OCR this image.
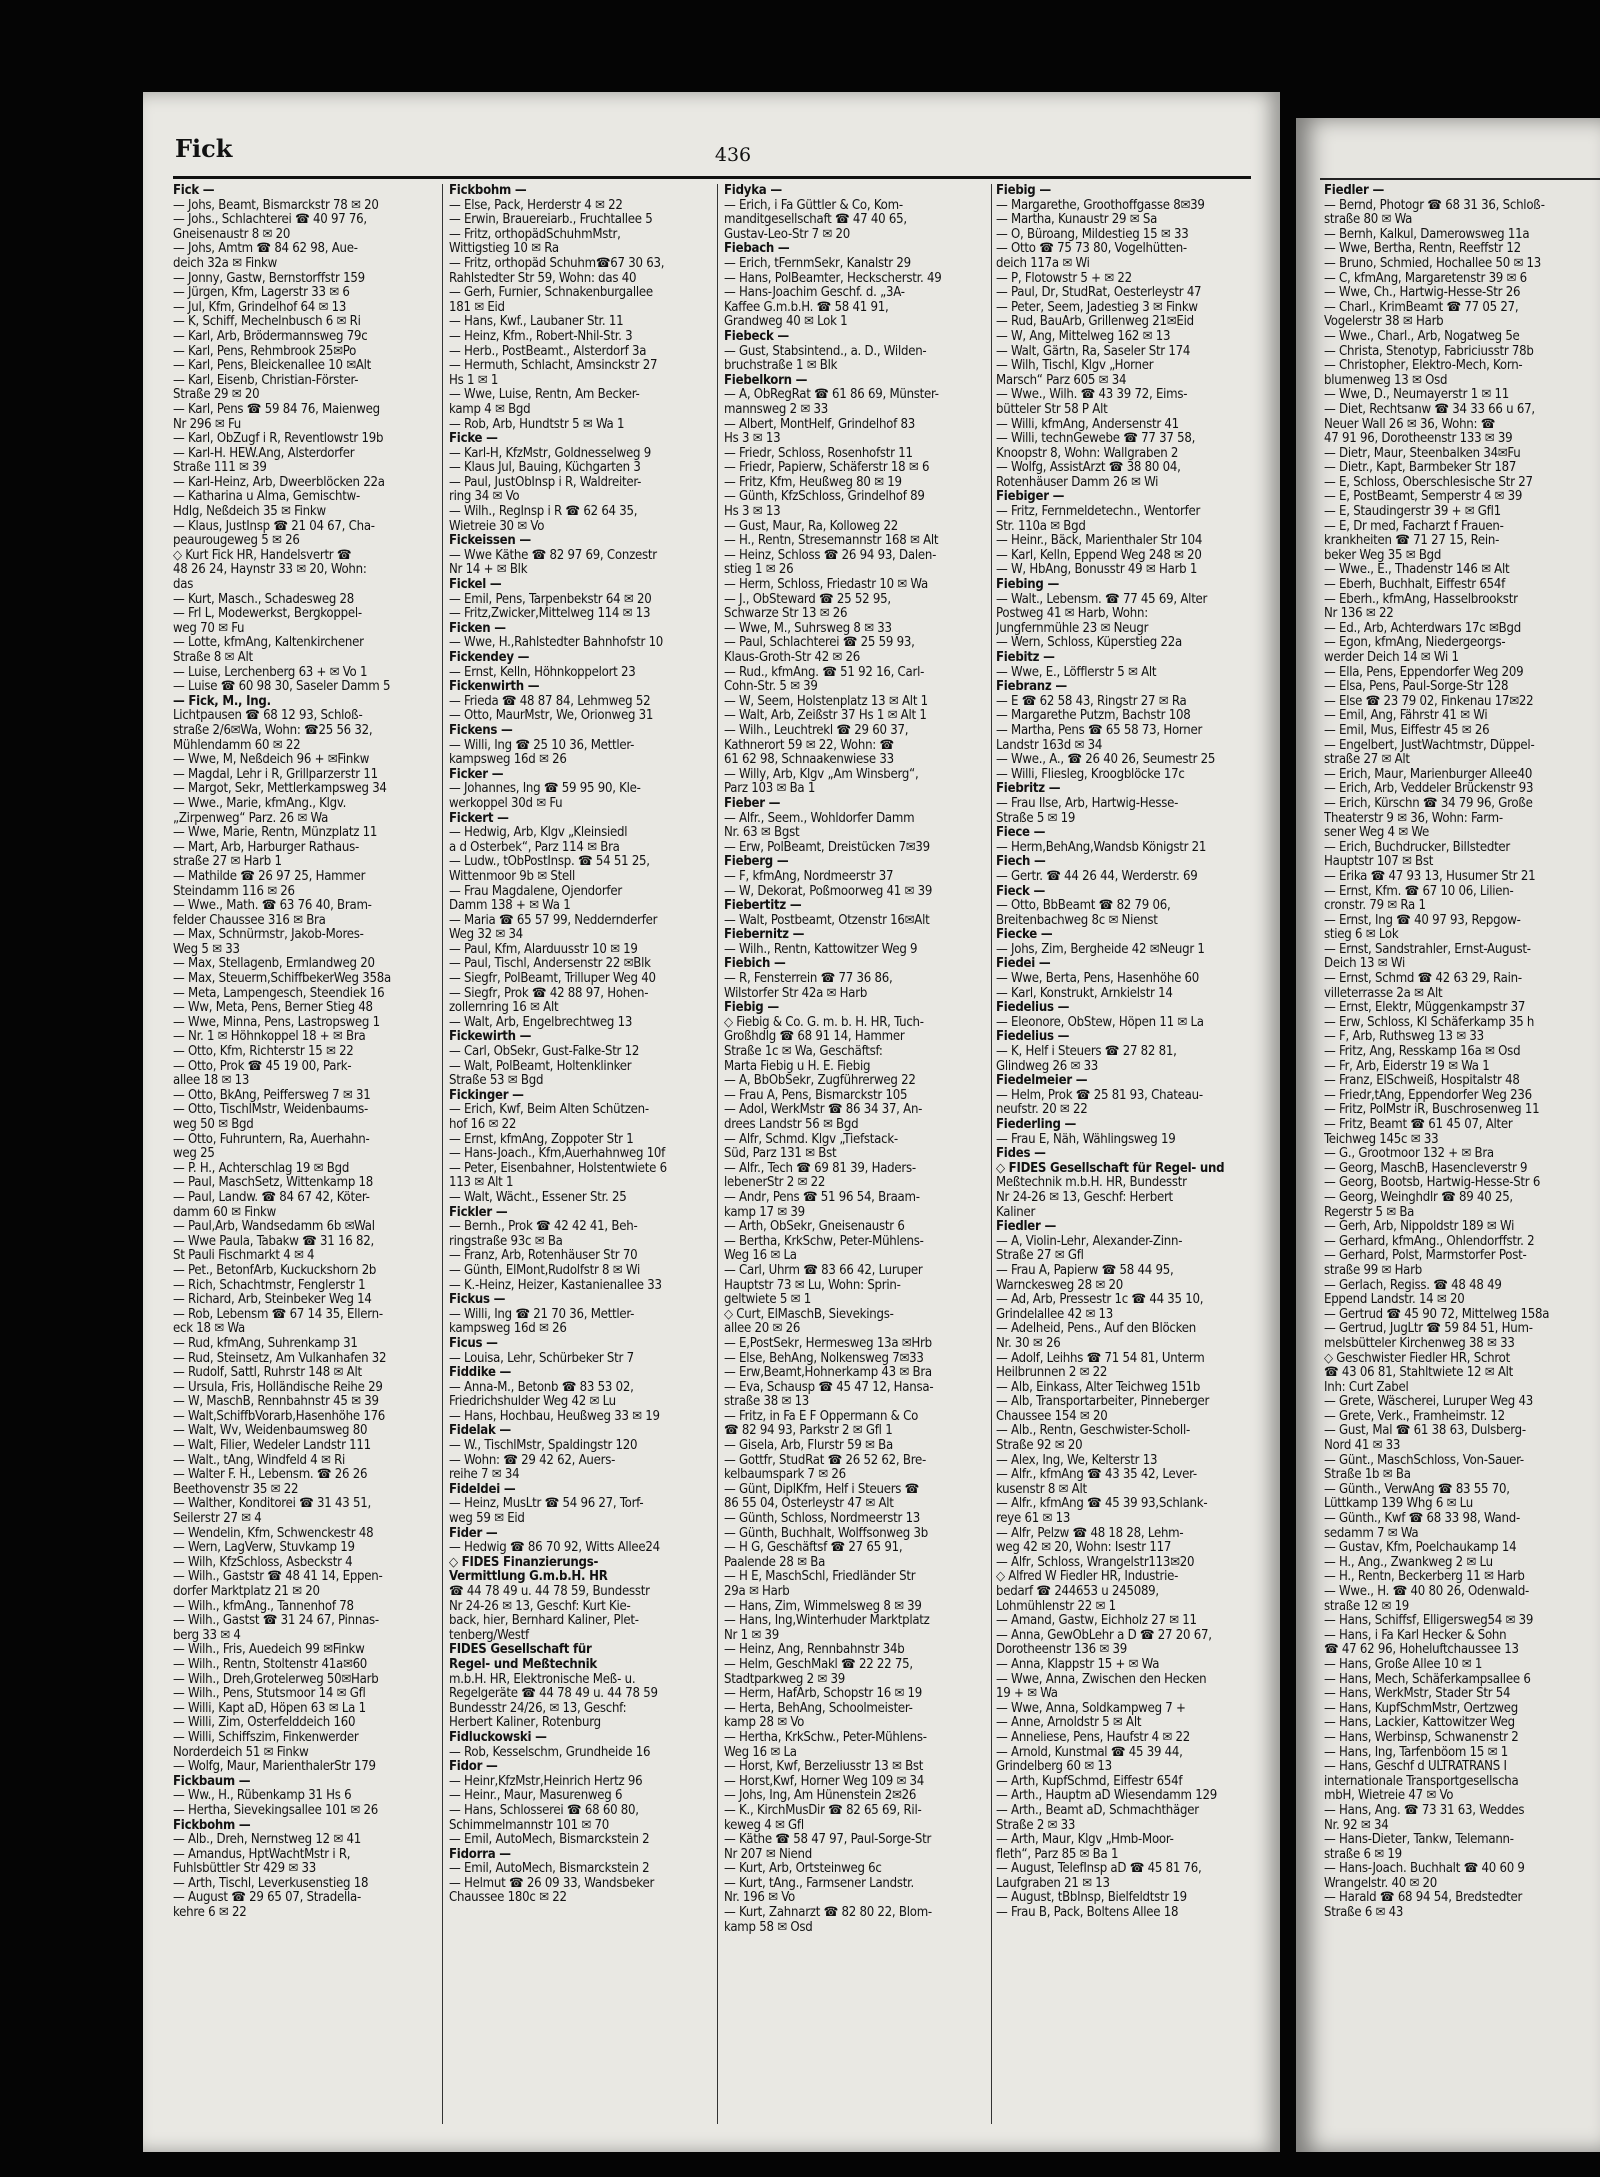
Fick	436
Fick —
— Johs, Beamt, Bismarckstr 78 ✉ 20
— Johs., Schlachterei ☎ 40 97 76,
Gneisenaustr 8 ✉ 20
— Johs, Amtm ☎ 84 62 98, Aue-
deich 32a ✉ Finkw
— Jonny, Gastw, Bernstorffstr 159
— Jürgen, Kfm, Lagerstr 33 ✉ 6
— Jul, Kfm, Grindelhof 64 ✉ 13
— K, Schiff, Mechelnbusch 6 ✉ Ri
— Karl, Arb, Brödermannsweg 79c
— Karl, Pens, Rehmbrook 25✉Po
— Karl, Pens, Bleickenallee 10 ✉Alt
— Karl, Eisenb, Christian-Förster-
Straße 29 ✉ 20
— Karl, Pens ☎ 59 84 76, Maienweg
Nr 296 ✉ Fu
— Karl, ObZugf i R, Reventlowstr 19b
— Karl-H. HEW.Ang, Alsterdorfer
Straße 111 ✉ 39
— Karl-Heinz, Arb, Dweerblöcken 22a
— Katharina u Alma, Gemischtw-
Hdlg, Neßdeich 35 ✉ Finkw
— Klaus, JustInsp ☎ 21 04 67, Cha-
peaurougeweg 5 ✉ 26
◇ Kurt Fick HR, Handelsvertr ☎
48 26 24, Haynstr 33 ✉ 20, Wohn:
das
— Kurt, Masch., Schadesweg 28
— Frl L, Modewerkst, Bergkoppel-
weg 70 ✉ Fu
— Lotte, kfmAng, Kaltenkirchener
Straße 8 ✉ Alt
— Luise, Lerchenberg 63 + ✉ Vo 1
— Luise ☎ 60 98 30, Saseler Damm 5
— Fick, M., Ing.
Lichtpausen ☎ 68 12 93, Schloß-
straße 2/6✉Wa, Wohn: ☎25 56 32,
Mühlendamm 60 ✉ 22
— Wwe, M, Neßdeich 96 + ✉Finkw
— Magdal, Lehr i R, Grillparzerstr 11
— Margot, Sekr, Mettlerkampsweg 34
— Wwe., Marie, kfmAng., Klgv.
„Zirpenweg“ Parz. 26 ✉ Wa
— Wwe, Marie, Rentn, Münzplatz 11
— Mart, Arb, Harburger Rathaus-
straße 27 ✉ Harb 1
— Mathilde ☎ 26 97 25, Hammer
Steindamm 116 ✉ 26
— Wwe., Math. ☎ 63 76 40, Bram-
felder Chaussee 316 ✉ Bra
— Max, Schnürmstr, Jakob-Mores-
Weg 5 ✉ 33
— Max, Stellagenb, Ermlandweg 20
— Max, Steuerm,SchiffbekerWeg 358a
— Meta, Lampengesch, Steendiek 16
— Ww, Meta, Pens, Berner Stieg 48
— Wwe, Minna, Pens, Lastropsweg 1
— Nr. 1 ✉ Höhnkoppel 18 + ✉ Bra
— Otto, Kfm, Richterstr 15 ✉ 22
— Otto, Prok ☎ 45 19 00, Park-
allee 18 ✉ 13
— Otto, BkAng, Peiffersweg 7 ✉ 31
— Otto, TischlMstr, Weidenbaums-
weg 50 ✉ Bgd
— Otto, Fuhruntern, Ra, Auerhahn-
weg 25
— P. H., Achterschlag 19 ✉ Bgd
— Paul, MaschSetz, Wittenkamp 18
— Paul, Landw. ☎ 84 67 42, Köter-
damm 60 ✉ Finkw
— Paul,Arb, Wandsedamm 6b ✉Wal
— Wwe Paula, Tabakw ☎ 31 16 82,
St Pauli Fischmarkt 4 ✉ 4
— Pet., BetonfArb, Kuckuckshorn 2b
— Rich, Schachtmstr, Fenglerstr 1
— Richard, Arb, Steinbeker Weg 14
— Rob, Lebensm ☎ 67 14 35, Ellern-
eck 18 ✉ Wa
— Rud, kfmAng, Suhrenkamp 31
— Rud, Steinsetz, Am Vulkanhafen 32
— Rudolf, Sattl, Ruhrstr 148 ✉ Alt
— Ursula, Fris, Holländische Reihe 29
— W, MaschB, Rennbahnstr 45 ✉ 39
— Walt,SchiffbVorarb,Hasenhöhe 176
— Walt, Wv, Weidenbaumsweg 80
— Walt, Filier, Wedeler Landstr 111
— Walt., tAng, Windfeld 4 ✉ Ri
— Walter F. H., Lebensm. ☎ 26 26
Beethovenstr 35 ✉ 22
— Walther, Konditorei ☎ 31 43 51,
Seilerstr 27 ✉ 4
— Wendelin, Kfm, Schwenckestr 48
— Wern, LagVerw, Stuvkamp 19
— Wilh, KfzSchloss, Asbeckstr 4
— Wilh., Gaststr ☎ 48 41 14, Eppen-
dorfer Marktplatz 21 ✉ 20
— Wilh., kfmAng., Tannenhof 78
— Wilh., Gastst ☎ 31 24 67, Pinnas-
berg 33 ✉ 4
— Wilh., Fris, Auedeich 99 ✉Finkw
— Wilh., Rentn, Stoltenstr 41a✉60
— Wilh., Dreh,Grotelerweg 50✉Harb
— Wilh., Pens, Stutsmoor 14 ✉ Gfl
— Willi, Kapt aD, Höpen 63 ✉ La 1
— Willi, Zim, Osterfelddeich 160
— Willi, Schiffszim, Finkenwerder
Norderdeich 51 ✉ Finkw
— Wolfg, Maur, MarienthalerStr 179
Fickbaum —
— Ww., H., Rübenkamp 31 Hs 6
— Hertha, Sievekingsallee 101 ✉ 26
Fickbohm —
— Alb., Dreh, Nernstweg 12 ✉ 41
— Amandus, HptWachtMstr i R,
Fuhlsbüttler Str 429 ✉ 33
— Arth, Tischl, Leverkusenstieg 18
— August ☎ 29 65 07, Stradella-
kehre 6 ✉ 22
Fickbohm —
— Else, Pack, Herderstr 4 ✉ 22
— Erwin, Brauereiarb., Fruchtallee 5
— Fritz, orthopädSchuhmMstr,
Wittigstieg 10 ✉ Ra
— Fritz, orthopäd Schuhm☎67 30 63,
Rahlstedter Str 59, Wohn: das 40
— Gerh, Furnier, Schnakenburgallee
181 ✉ Eid
— Hans, Kwf., Laubaner Str. 11
— Heinz, Kfm., Robert-Nhil-Str. 3
— Herb., PostBeamt., Alsterdorf 3a
— Hermuth, Schlacht, Amsinckstr 27
Hs 1 ✉ 1
— Wwe, Luise, Rentn, Am Becker-
kamp 4 ✉ Bgd
— Rob, Arb, Hundtstr 5 ✉ Wa 1
Ficke —
— Karl-H, KfzMstr, Goldnesselweg 9
— Klaus Jul, Bauing, Küchgarten 3
— Paul, JustObInsp i R, Waldreiter-
ring 34 ✉ Vo
— Wilh., RegInsp i R ☎ 62 64 35,
Wietreie 30 ✉ Vo
Fickeissen —
— Wwe Käthe ☎ 82 97 69, Conzestr
Nr 14 + ✉ Blk
Fickel —
— Emil, Pens, Tarpenbekstr 64 ✉ 20
— Fritz,Zwicker,Mittelweg 114 ✉ 13
Ficken —
— Wwe, H.,Rahlstedter Bahnhofstr 10
Fickendey —
— Ernst, Kelln, Höhnkoppelort 23
Fickenwirth —
— Frieda ☎ 48 87 84, Lehmweg 52
— Otto, MaurMstr, We, Orionweg 31
Fickens —
— Willi, Ing ☎ 25 10 36, Mettler-
kampsweg 16d ✉ 26
Ficker —
— Johannes, Ing ☎ 59 95 90, Kle-
werkoppel 30d ✉ Fu
Fickert —
— Hedwig, Arb, Klgv „Kleinsiedl
a d Osterbek“, Parz 114 ✉ Bra
— Ludw., tObPostInsp. ☎ 54 51 25,
Wittenmoor 9b ✉ Stell
— Frau Magdalene, Ojendorfer
Damm 138 + ✉ Wa 1
— Maria ☎ 65 57 99, Neddernderfer
Weg 32 ✉ 34
— Paul, Kfm, Alarduusstr 10 ✉ 19
— Paul, Tischl, Andersenstr 22 ✉Blk
— Siegfr, PolBeamt, Trilluper Weg 40
— Siegfr, Prok ☎ 42 88 97, Hohen-
zollernring 16 ✉ Alt
— Walt, Arb, Engelbrechtweg 13
Fickewirth —
— Carl, ObSekr, Gust-Falke-Str 12
— Walt, PolBeamt, Holtenklinker
Straße 53 ✉ Bgd
Fickinger —
— Erich, Kwf, Beim Alten Schützen-
hof 16 ✉ 22
— Ernst, kfmAng, Zoppoter Str 1
— Hans-Joach., Kfm,Auerhahnweg 10f
— Peter, Eisenbahner, Holstentwiete 6
113 ✉ Alt 1
— Walt, Wächt., Essener Str. 25
Fickler —
— Bernh., Prok ☎ 42 42 41, Beh-
ringstraße 93c ✉ Ba
— Franz, Arb, Rotenhäuser Str 70
— Günth, ElMont,Rudolfstr 8 ✉ Wi
— K.-Heinz, Heizer, Kastanienallee 33
Fickus —
— Willi, Ing ☎ 21 70 36, Mettler-
kampsweg 16d ✉ 26
Ficus —
— Louisa, Lehr, Schürbeker Str 7
Fiddike —
— Anna-M., Betonb ☎ 83 53 02,
Friedrichshulder Weg 42 ✉ Lu
— Hans, Hochbau, Heußweg 33 ✉ 19
Fidelak —
— W., TischlMstr, Spaldingstr 120
— Wohn: ☎ 29 42 62, Auers-
reihe 7 ✉ 34
Fideldei —
— Heinz, MusLtr ☎ 54 96 27, Torf-
weg 59 ✉ Eid
Fider —
— Hedwig ☎ 86 70 92, Witts Allee24
◇ FIDES Finanzierungs-
Vermittlung G.m.b.H. HR
☎ 44 78 49 u. 44 78 59, Bundesstr
Nr 24-26 ✉ 13, Geschf: Kurt Kie-
back, hier, Bernhard Kaliner, Plet-
tenberg/Westf
FIDES Gesellschaft für
Regel- und Meßtechnik
m.b.H. HR, Elektronische Meß- u.
Regelgeräte ☎ 44 78 49 u. 44 78 59
Bundesstr 24/26, ✉ 13, Geschf:
Herbert Kaliner, Rotenburg
Fidluckowski —
— Rob, Kesselschm, Grundheide 16
Fidor —
— Heinr,KfzMstr,Heinrich Hertz 96
— Heinr., Maur, Masurenweg 6
— Hans, Schlosserei ☎ 68 60 80,
Schimmelmannstr 101 ✉ 70
— Emil, AutoMech, Bismarckstein 2
Fidorra —
— Emil, AutoMech, Bismarckstein 2
— Helmut ☎ 26 09 33, Wandsbeker
Chaussee 180c ✉ 22
Fidyka —
— Erich, i Fa Güttler & Co, Kom-
manditgesellschaft ☎ 47 40 65,
Gustav-Leo-Str 7 ✉ 20
Fiebach —
— Erich, tFernmSekr, Kanalstr 29
— Hans, PolBeamter, Heckscherstr. 49
— Hans-Joachim Geschf. d. „3A-
Kaffee G.m.b.H. ☎ 58 41 91,
Grandweg 40 ✉ Lok 1
Fiebeck —
— Gust, Stabsintend., a. D., Wilden-
bruchstraße 1 ✉ Blk
Fiebelkorn —
— A, ObRegRat ☎ 61 86 69, Münster-
mannsweg 2 ✉ 33
— Albert, MontHelf, Grindelhof 83
Hs 3 ✉ 13
— Friedr, Schloss, Rosenhofstr 11
— Friedr, Papierw, Schäferstr 18 ✉ 6
— Fritz, Kfm, Heußweg 80 ✉ 19
— Günth, KfzSchloss, Grindelhof 89
Hs 3 ✉ 13
— Gust, Maur, Ra, Kolloweg 22
— H., Rentn, Stresemannstr 168 ✉ Alt
— Heinz, Schloss ☎ 26 94 93, Dalen-
stieg 1 ✉ 26
— Herm, Schloss, Friedastr 10 ✉ Wa
— J., ObSteward ☎ 25 52 95,
Schwarze Str 13 ✉ 26
— Wwe, M., Suhrsweg 8 ✉ 33
— Paul, Schlachterei ☎ 25 59 93,
Klaus-Groth-Str 42 ✉ 26
— Rud., kfmAng. ☎ 51 92 16, Carl-
Cohn-Str. 5 ✉ 39
— W, Seem, Holstenplatz 13 ✉ Alt 1
— Walt, Arb, Zeißstr 37 Hs 1 ✉ Alt 1
— Wilh., Leuchtrekl ☎ 29 60 37,
Kathnerort 59 ✉ 22, Wohn: ☎
61 62 98, Schnaakenwiese 33
— Willy, Arb, Klgv „Am Winsberg“,
Parz 103 ✉ Ba 1
Fieber —
— Alfr., Seem., Wohldorfer Damm
Nr. 63 ✉ Bgst
— Erw, PolBeamt, Dreistücken 7✉39
Fieberg —
— F, kfmAng, Nordmeerstr 37
— W, Dekorat, Poßmoorweg 41 ✉ 39
Fiebertitz —
— Walt, Postbeamt, Otzenstr 16✉Alt
Fiebernitz —
— Wilh., Rentn, Kattowitzer Weg 9
Fiebich —
— R, Fensterrein ☎ 77 36 86,
Wilstorfer Str 42a ✉ Harb
Fiebig —
◇ Fiebig & Co. G. m. b. H. HR, Tuch-
Großhdlg ☎ 68 91 14, Hammer
Straße 1c ✉ Wa, Geschäftsf:
Marta Fiebig u H. E. Fiebig
— A, BbObSekr, Zugführerweg 22
— Frau A, Pens, Bismarckstr 105
— Adol, WerkMstr ☎ 86 34 37, An-
drees Landstr 56 ✉ Bgd
— Alfr, Schmd. Klgv „Tiefstack-
Süd, Parz 131 ✉ Bst
— Alfr., Tech ☎ 69 81 39, Haders-
lebenerStr 2 ✉ 22
— Andr, Pens ☎ 51 96 54, Braam-
kamp 17 ✉ 39
— Arth, ObSekr, Gneisenaustr 6
— Bertha, KrkSchw, Peter-Mühlens-
Weg 16 ✉ La
— Carl, Uhrm ☎ 83 66 42, Luruper
Hauptstr 73 ✉ Lu, Wohn: Sprin-
geltwiete 5 ✉ 1
◇ Curt, ElMaschB, Sievekings-
allee 20 ✉ 26
— E,PostSekr, Hermesweg 13a ✉Hrb
— Else, BehAng, Nolkensweg 7✉33
— Erw,Beamt,Hohnerkamp 43 ✉ Bra
— Eva, Schausp ☎ 45 47 12, Hansa-
straße 38 ✉ 13
— Fritz, in Fa E F Oppermann & Co
☎ 82 94 93, Parkstr 2 ✉ Gfl 1
— Gisela, Arb, Flurstr 59 ✉ Ba
— Gottfr, StudRat ☎ 26 52 62, Bre-
kelbaumspark 7 ✉ 26
— Günt, DiplKfm, Helf i Steuers ☎
86 55 04, Osterleystr 47 ✉ Alt
— Günth, Schloss, Nordmeerstr 13
— Günth, Buchhalt, Wolffsonweg 3b
— H G, Geschäftsf ☎ 27 65 91,
Paalende 28 ✉ Ba
— H E, MaschSchl, Friedländer Str
29a ✉ Harb
— Hans, Zim, Wimmelsweg 8 ✉ 39
— Hans, Ing,Winterhuder Marktplatz
Nr 1 ✉ 39
— Heinz, Ang, Rennbahnstr 34b
— Helm, GeschMakl ☎ 22 22 75,
Stadtparkweg 2 ✉ 39
— Herm, HafArb, Schopstr 16 ✉ 19
— Herta, BehAng, Schoolmeister-
kamp 28 ✉ Vo
— Hertha, KrkSchw., Peter-Mühlens-
Weg 16 ✉ La
— Horst, Kwf, Berzeliusstr 13 ✉ Bst
— Horst,Kwf, Horner Weg 109 ✉ 34
— Johs, Ing, Am Hünenstein 2✉26
— K., KirchMusDir ☎ 82 65 69, Ril-
keweg 4 ✉ Gfl
— Käthe ☎ 58 47 97, Paul-Sorge-Str
Nr 207 ✉ Niend
— Kurt, Arb, Ortsteinweg 6c
— Kurt, tAng., Farmsener Landstr.
Nr. 196 ✉ Vo
— Kurt, Zahnarzt ☎ 82 80 22, Blom-
kamp 58 ✉ Osd
Fiebig —
— Margarethe, Groothoffgasse 8✉39
— Martha, Kunaustr 29 ✉ Sa
— O, Büroang, Mildestieg 15 ✉ 33
— Otto ☎ 75 73 80, Vogelhütten-
deich 117a ✉ Wi
— P, Flotowstr 5 + ✉ 22
— Paul, Dr, StudRat, Oesterleystr 47
— Peter, Seem, Jadestieg 3 ✉ Finkw
— Rud, BauArb, Grillenweg 21✉Eid
— W, Ang, Mittelweg 162 ✉ 13
— Walt, Gärtn, Ra, Saseler Str 174
— Wilh, Tischl, Klgv „Horner
Marsch“ Parz 605 ✉ 34
— Wwe., Wilh. ☎ 43 39 72, Eims-
bütteler Str 58 P Alt
— Willi, kfmAng, Andersenstr 41
— Willi, technGewebe ☎ 77 37 58,
Knoopstr 8, Wohn: Wallgraben 2
— Wolfg, AssistArzt ☎ 38 80 04,
Rotenhäuser Damm 26 ✉ Wi
Fiebiger —
— Fritz, Fernmeldetechn., Wentorfer
Str. 110a ✉ Bgd
— Heinr., Bäck, Marienthaler Str 104
— Karl, Kelln, Eppend Weg 248 ✉ 20
— W, HbAng, Bonusstr 49 ✉ Harb 1
Fiebing —
— Walt., Lebensm. ☎ 77 45 69, Alter
Postweg 41 ✉ Harb, Wohn:
Jungfernmühle 23 ✉ Neugr
— Wern, Schloss, Küperstieg 22a
Fiebitz —
— Wwe, E., Löfflerstr 5 ✉ Alt
Fiebranz —
— E ☎ 62 58 43, Ringstr 27 ✉ Ra
— Margarethe Putzm, Bachstr 108
— Martha, Pens ☎ 65 58 73, Horner
Landstr 163d ✉ 34
— Wwe., A., ☎ 26 40 26, Seumestr 25
— Willi, Fliesleg, Kroogblöcke 17c
Fiebritz —
— Frau Ilse, Arb, Hartwig-Hesse-
Straße 5 ✉ 19
Fiece —
— Herm,BehAng,Wandsb Königstr 21
Fiech —
— Gertr. ☎ 44 26 44, Werderstr. 69
Fieck —
— Otto, BbBeamt ☎ 82 79 06,
Breitenbachweg 8c ✉ Nienst
Fiecke —
— Johs, Zim, Bergheide 42 ✉Neugr 1
Fiedei —
— Wwe, Berta, Pens, Hasenhöhe 60
— Karl, Konstrukt, Arnkielstr 14
Fiedelius —
— Eleonore, ObStew, Höpen 11 ✉ La
Fiedelius —
— K, Helf i Steuers ☎ 27 82 81,
Glindweg 26 ✉ 33
Fiedelmeier —
— Helm, Prok ☎ 25 81 93, Chateau-
neufstr. 20 ✉ 22
Fiederling —
— Frau E, Näh, Wählingsweg 19
Fides —
◇ FIDES Gesellschaft für Regel- und
Meßtechnik m.b.H. HR, Bundesstr
Nr 24-26 ✉ 13, Geschf: Herbert
Kaliner
Fiedler —
— A, Violin-Lehr, Alexander-Zinn-
Straße 27 ✉ Gfl
— Frau A, Papierw ☎ 58 44 95,
Warnckesweg 28 ✉ 20
— Ad, Arb, Pressestr 1c ☎ 44 35 10,
Grindelallee 42 ✉ 13
— Adelheid, Pens., Auf den Blöcken
Nr. 30 ✉ 26
— Adolf, Leihhs ☎ 71 54 81, Unterm
Heilbrunnen 2 ✉ 22
— Alb, Einkass, Alter Teichweg 151b
— Alb, Transportarbeiter, Pinneberger
Chaussee 154 ✉ 20
— Alb., Rentn, Geschwister-Scholl-
Straße 92 ✉ 20
— Alex, Ing, We, Kelterstr 13
— Alfr., kfmAng ☎ 43 35 42, Lever-
kusenstr 8 ✉ Alt
— Alfr., kfmAng ☎ 45 39 93,Schlank-
reye 61 ✉ 13
— Alfr, Pelzw ☎ 48 18 28, Lehm-
weg 42 ✉ 20, Wohn: Isestr 117
— Alfr, Schloss, Wrangelstr113✉20
◇ Alfred W Fiedler HR, Industrie-
bedarf ☎ 244653 u 245089,
Lohmühlenstr 22 ✉ 1
— Amand, Gastw, Eichholz 27 ✉ 11
— Anna, GewObLehr a D ☎ 27 20 67,
Dorotheenstr 136 ✉ 39
— Anna, Klappstr 15 + ✉ Wa
— Wwe, Anna, Zwischen den Hecken
19 + ✉ Wa
— Wwe, Anna, Soldkampweg 7 +
— Anne, Arnoldstr 5 ✉ Alt
— Anneliese, Pens, Haufstr 4 ✉ 22
— Arnold, Kunstmal ☎ 45 39 44,
Grindelberg 60 ✉ 13
— Arth, KupfSchmd, Eiffestr 654f
— Arth., Hauptm aD Wiesendamm 129
— Arth., Beamt aD, Schmachthäger
Straße 2 ✉ 33
— Arth, Maur, Klgv „Hmb-Moor-
fleth“, Parz 85 ✉ Ba 1
— August, TelefInsp aD ☎ 45 81 76,
Laufgraben 21 ✉ 13
— August, tBbInsp, Bielfeldtstr 19
— Frau B, Pack, Boltens Allee 18
Fiedler —
— Bernd, Photogr ☎ 68 31 36, Schloß-
straße 80 ✉ Wa
— Bernh, Kalkul, Damerowsweg 11a
— Wwe, Bertha, Rentn, Reeffstr 12
— Bruno, Schmied, Hochallee 50 ✉ 13
— C, kfmAng, Margaretenstr 39 ✉ 6
— Wwe, Ch., Hartwig-Hesse-Str 26
— Charl., KrimBeamt ☎ 77 05 27,
Vogelerstr 38 ✉ Harb
— Wwe., Charl., Arb, Nogatweg 5e
— Christa, Stenotyp, Fabriciusstr 78b
— Christopher, Elektro-Mech, Korn-
blumenweg 13 ✉ Osd
— Wwe, D., Neumayerstr 1 ✉ 11
— Diet, Rechtsanw ☎ 34 33 66 u 67,
Neuer Wall 26 ✉ 36, Wohn: ☎
47 91 96, Dorotheenstr 133 ✉ 39
— Dietr, Maur, Steenbalken 34✉Fu
— Dietr., Kapt, Barmbeker Str 187
— E, Schloss, Oberschlesische Str 27
— E, PostBeamt, Semperstr 4 ✉ 39
— E, Staudingerstr 39 + ✉ Gfl1
— E, Dr med, Facharzt f Frauen-
krankheiten ☎ 71 27 15, Rein-
beker Weg 35 ✉ Bgd
— Wwe., E., Thadenstr 146 ✉ Alt
— Eberh, Buchhalt, Eiffestr 654f
— Eberh., kfmAng, Hasselbrookstr
Nr 136 ✉ 22
— Ed., Arb, Achterdwars 17c ✉Bgd
— Egon, kfmAng, Niedergeorgs-
werder Deich 14 ✉ Wi 1
— Ella, Pens, Eppendorfer Weg 209
— Elsa, Pens, Paul-Sorge-Str 128
— Else ☎ 23 79 02, Finkenau 17✉22
— Emil, Ang, Fährstr 41 ✉ Wi
— Emil, Mus, Eiffestr 45 ✉ 26
— Engelbert, JustWachtmstr, Düppel-
straße 27 ✉ Alt
— Erich, Maur, Marienburger Allee40
— Erich, Arb, Veddeler Brückenstr 93
— Erich, Kürschn ☎ 34 79 96, Große
Theaterstr 9 ✉ 36, Wohn: Farm-
sener Weg 4 ✉ We
— Erich, Buchdrucker, Billstedter
Hauptstr 107 ✉ Bst
— Erika ☎ 47 93 13, Husumer Str 21
— Ernst, Kfm. ☎ 67 10 06, Lilien-
cronstr. 79 ✉ Ra 1
— Ernst, Ing ☎ 40 97 93, Repgow-
stieg 6 ✉ Lok
— Ernst, Sandstrahler, Ernst-August-
Deich 13 ✉ Wi
— Ernst, Schmd ☎ 42 63 29, Rain-
villeterrasse 2a ✉ Alt
— Ernst, Elektr, Müggenkampstr 37
— Erw, Schloss, Kl Schäferkamp 35 h
— F, Arb, Ruthsweg 13 ✉ 33
— Fritz, Ang, Resskamp 16a ✉ Osd
— Fr, Arb, Eiderstr 19 ✉ Wa 1
— Franz, ElSchweiß, Hospitalstr 48
— Friedr,tAng, Eppendorfer Weg 236
— Fritz, PolMstr iR, Buschrosenweg 11
— Fritz, Beamt ☎ 61 45 07, Alter
Teichweg 145c ✉ 33
— G., Grootmoor 132 + ✉ Bra
— Georg, MaschB, Hasencleverstr 9
— Georg, Bootsb, Hartwig-Hesse-Str 6
— Georg, Weinghdlr ☎ 89 40 25,
Regerstr 5 ✉ Ba
— Gerh, Arb, Nippoldstr 189 ✉ Wi
— Gerhard, kfmAng., Ohlendorffstr. 2
— Gerhard, Polst, Marmstorfer Post-
straße 99 ✉ Harb
— Gerlach, Regiss. ☎ 48 48 49
Eppend Landstr. 14 ✉ 20
— Gertrud ☎ 45 90 72, Mittelweg 158a
— Gertrud, JugLtr ☎ 59 84 51, Hum-
melsbütteler Kirchenweg 38 ✉ 33
◇ Geschwister Fiedler HR, Schrot
☎ 43 06 81, Stahltwiete 12 ✉ Alt
Inh: Curt Zabel
— Grete, Wäscherei, Luruper Weg 43
— Grete, Verk., Framheimstr. 12
— Gust, Mal ☎ 61 38 63, Dulsberg-
Nord 41 ✉ 33
— Günt., MaschSchloss, Von-Sauer-
Straße 1b ✉ Ba
— Günth., VerwAng ☎ 83 55 70,
Lüttkamp 139 Whg 6 ✉ Lu
— Günth., Kwf ☎ 68 33 98, Wand-
sedamm 7 ✉ Wa
— Gustav, Kfm, Poelchaukamp 14
— H., Ang., Zwankweg 2 ✉ Lu
— H., Rentn, Beckerberg 11 ✉ Harb
— Wwe., H. ☎ 40 80 26, Odenwald-
straße 12 ✉ 19
— Hans, Schiffsf, Elligersweg54 ✉ 39
— Hans, i Fa Karl Hecker & Sohn
☎ 47 62 96, Hoheluftchaussee 13
— Hans, Große Allee 10 ✉ 1
— Hans, Mech, Schäferkampsallee 6
— Hans, WerkMstr, Stader Str 54
— Hans, KupfSchmMstr, Oertzweg
— Hans, Lackier, Kattowitzer Weg
— Hans, Werbinsp, Schwanenstr 2
— Hans, Ing, Tarfenböom 15 ✉ 1
— Hans, Geschf d ULTRATRANS I
internationale Transportgesellscha
mbH, Wietreie 47 ✉ Vo
— Hans, Ang. ☎ 73 31 63, Weddes
Nr. 92 ✉ 34
— Hans-Dieter, Tankw, Telemann-
straße 6 ✉ 19
— Hans-Joach. Buchhalt ☎ 40 60 9
Wrangelstr. 40 ✉ 20
— Harald ☎ 68 94 54, Bredstedter
Straße 6 ✉ 43
